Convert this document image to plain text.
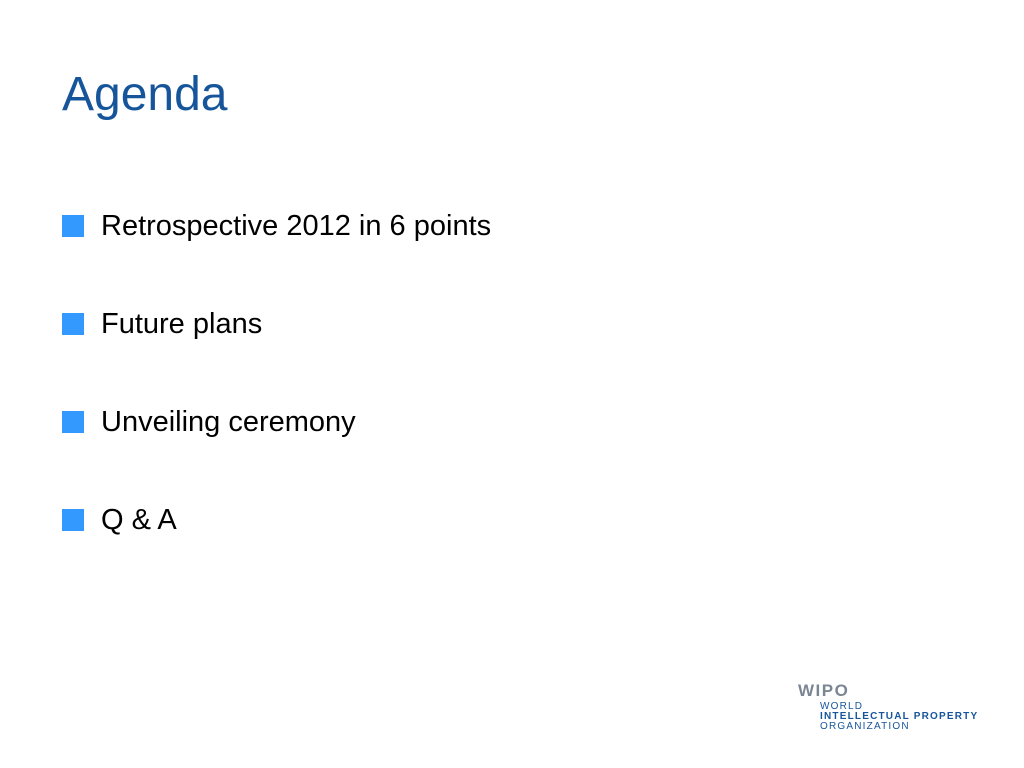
Agenda
Retrospective 2012 in 6 points
Future plans
Unveiling ceremony
Q & A
WIPO
WORLD
INTELLECTUAL PROPERTY
ORGANIZATION
